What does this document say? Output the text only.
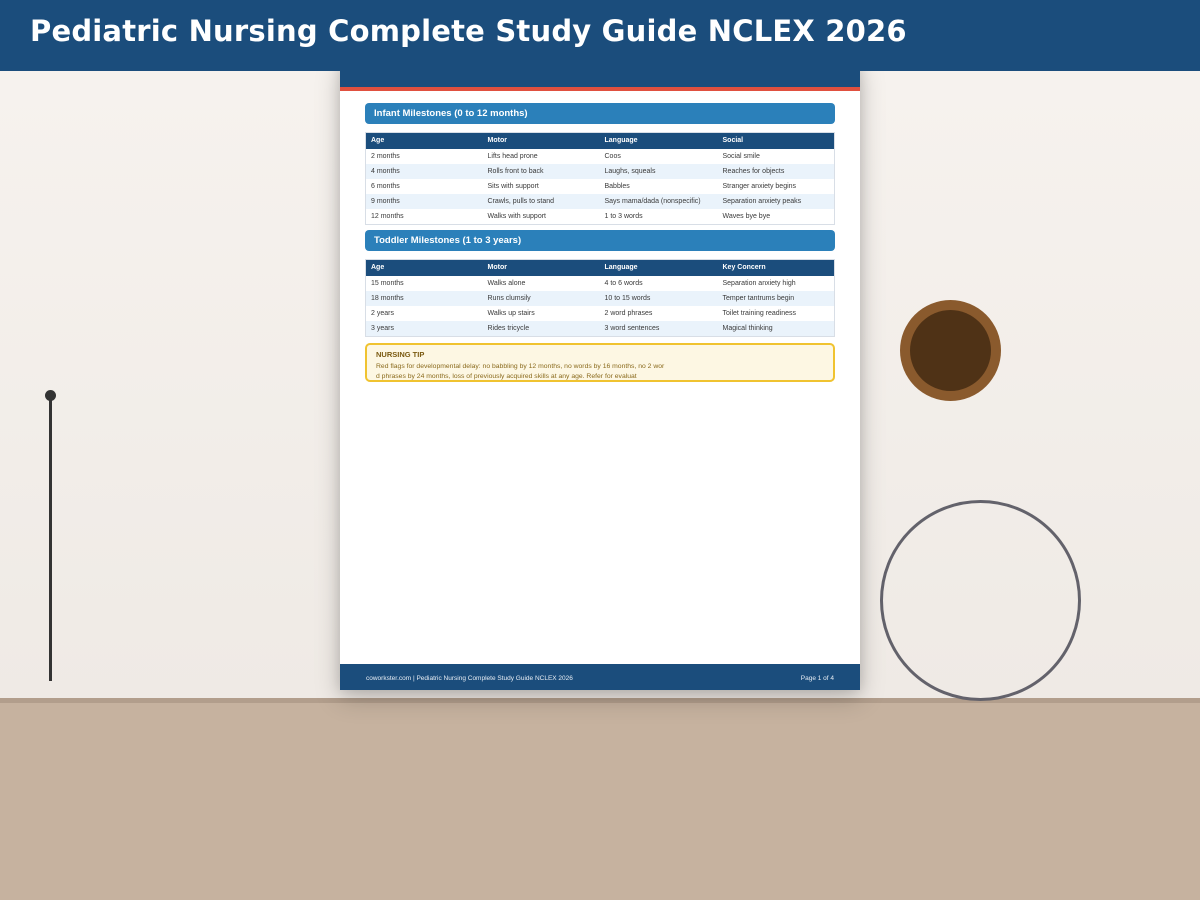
Pediatric Nursing Complete Study Guide NCLEX 2026
Infant Milestones (0 to 12 months)
Age	Motor	Language	Social
2 months	Lifts head prone	Coos	Social smile
4 months	Rolls front to back	Laughs, squeals	Reaches for objects
6 months	Sits with support	Babbles	Stranger anxiety begins
9 months	Crawls, pulls to stand	Says mama/dada (nonspecific)	Separation anxiety peaks
12 months	Walks with support	1 to 3 words	Waves bye bye
Toddler Milestones (1 to 3 years)
Age	Motor	Language	Key Concern
15 months	Walks alone	4 to 6 words	Separation anxiety high
18 months	Runs clumsily	10 to 15 words	Temper tantrums begin
2 years	Walks up stairs	2 word phrases	Toilet training readiness
3 years	Rides tricycle	3 word sentences	Magical thinking
NURSING TIP
Red flags for developmental delay: no babbling by 12 months, no words by 16 months, no 2 word phrases by 24 months, loss of previously acquired skills at any age. Refer for evaluat
coworkster.com | Pediatric Nursing Complete Study Guide NCLEX 2026	Page 1 of 4
